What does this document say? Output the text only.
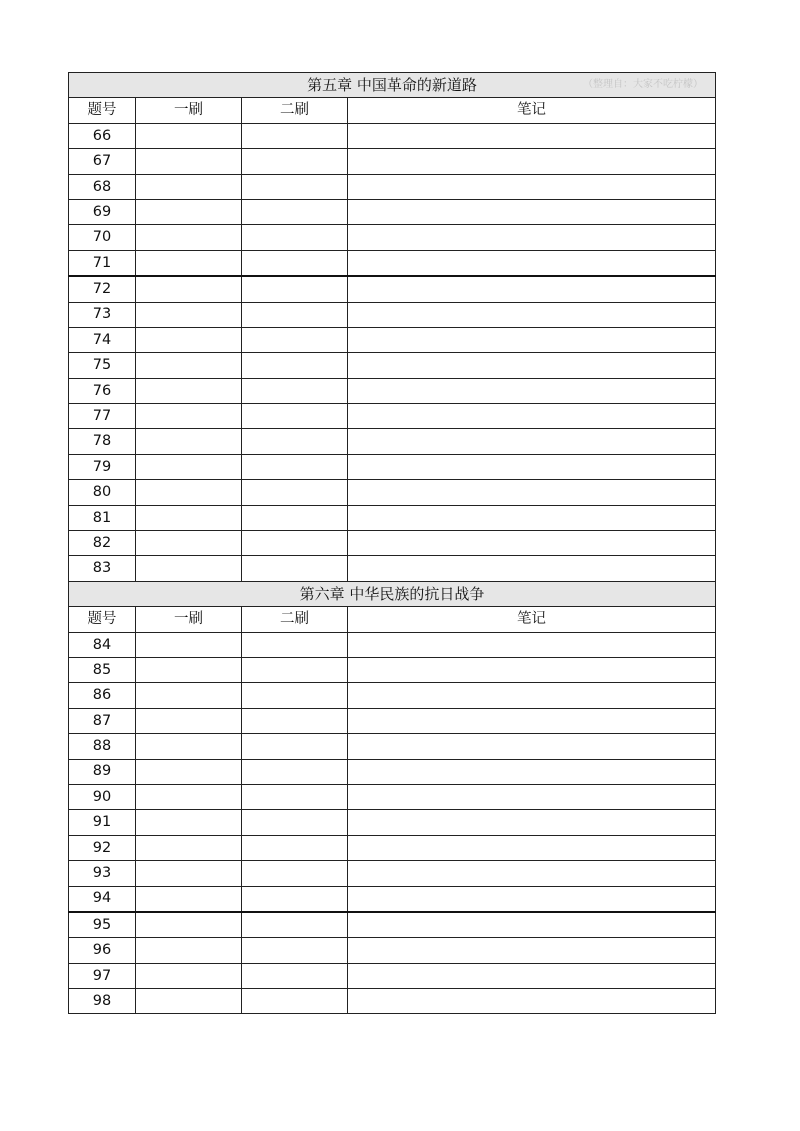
第五章 中国革命的新道路 （整理自：大家不吃柠檬）			

题号	一刷	二刷	笔记
66			
67			
68			
69			
70			
71			
72			
73			
74			
75			
76			
77			
78			
79			
80			
81			
82			
83			
第六章 中华民族的抗日战争			
题号	一刷	二刷	笔记
84			
85			
86			
87			
88			
89			
90			
91			
92			
93			
94			
95			
96			
97			
98			
